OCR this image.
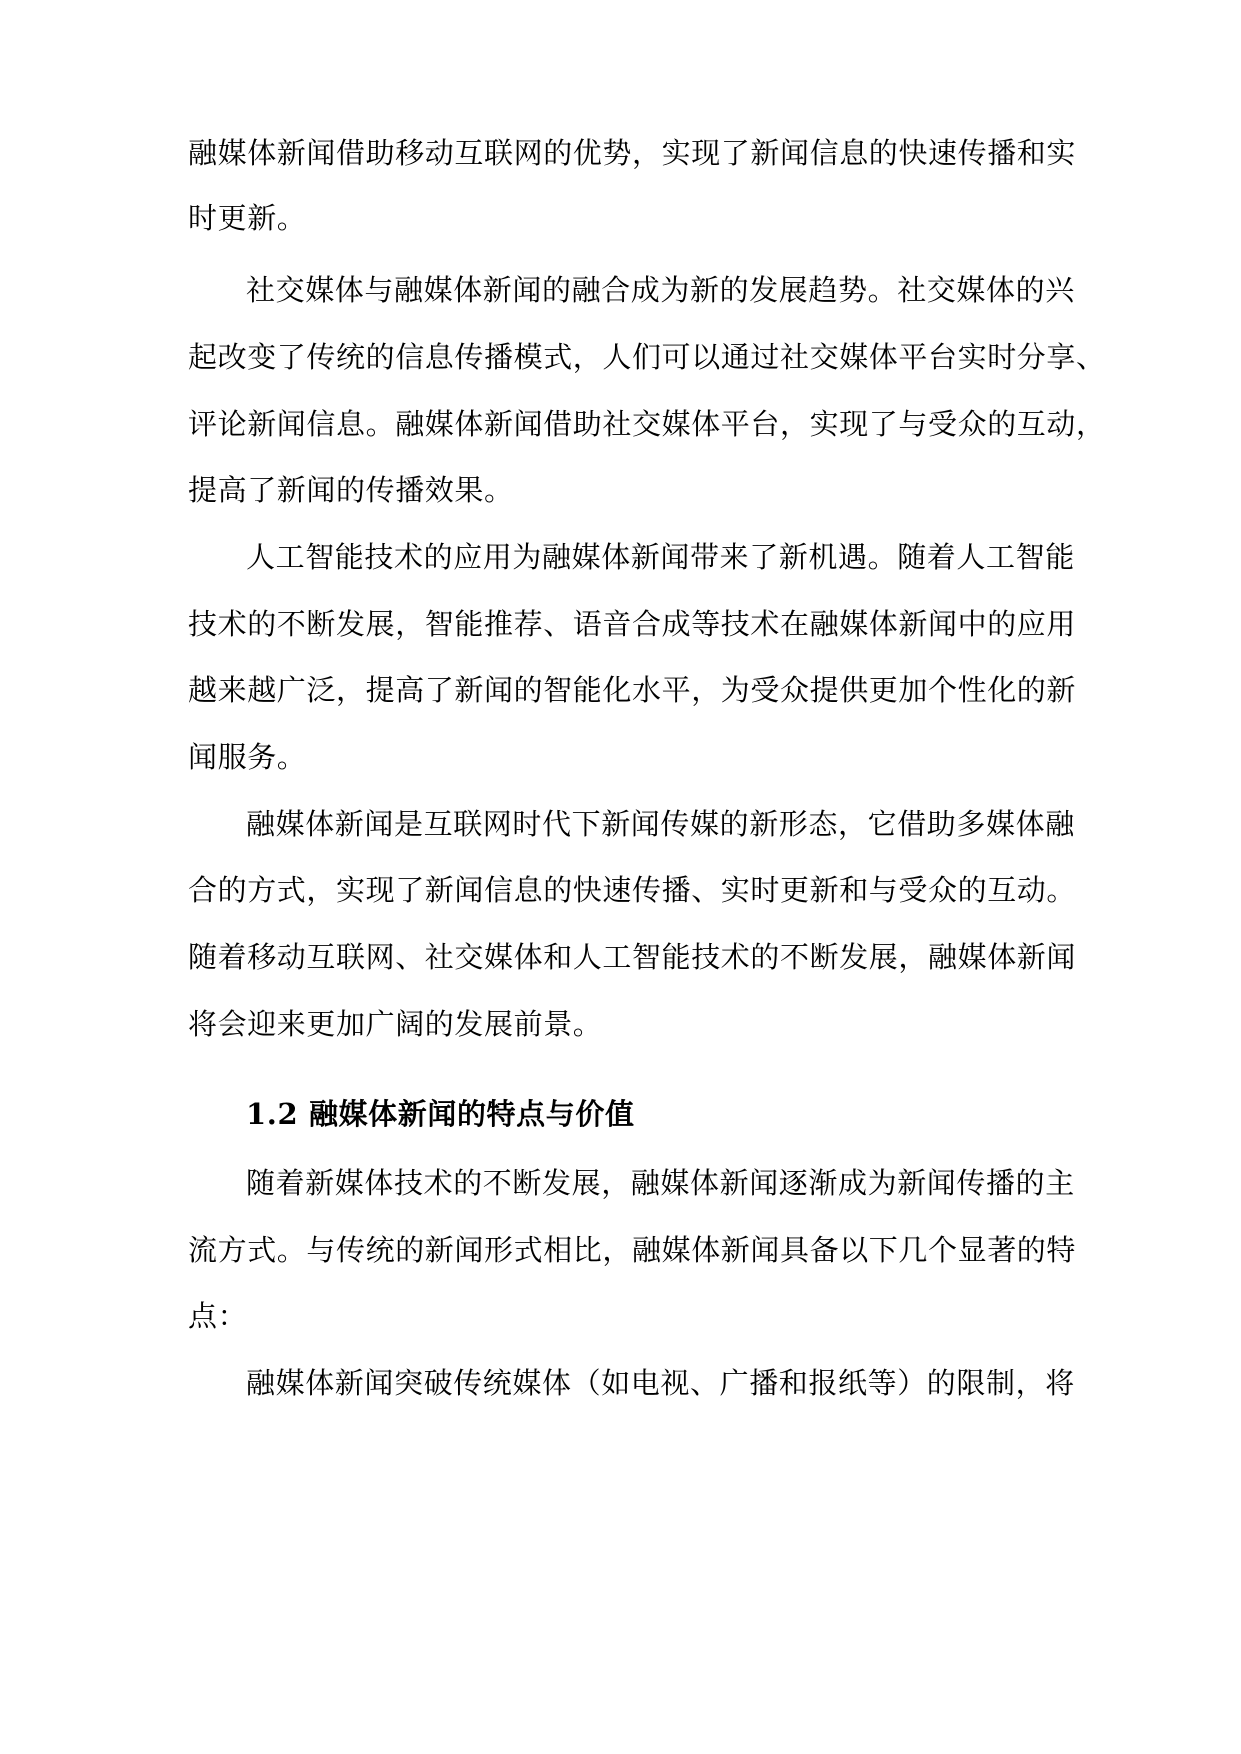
融媒体新闻借助移动互联网的优势，实现了新闻信息的快速传播和实
时更新。
社交媒体与融媒体新闻的融合成为新的发展趋势。社交媒体的兴
起改变了传统的信息传播模式，人们可以通过社交媒体平台实时分享、
评论新闻信息。融媒体新闻借助社交媒体平台，实现了与受众的互动，
提高了新闻的传播效果。
人工智能技术的应用为融媒体新闻带来了新机遇。随着人工智能
技术的不断发展，智能推荐、语音合成等技术在融媒体新闻中的应用
越来越广泛，提高了新闻的智能化水平，为受众提供更加个性化的新
闻服务。
融媒体新闻是互联网时代下新闻传媒的新形态，它借助多媒体融
合的方式，实现了新闻信息的快速传播、实时更新和与受众的互动。
随着移动互联网、社交媒体和人工智能技术的不断发展，融媒体新闻
将会迎来更加广阔的发展前景。
1.2 融媒体新闻的特点与价值
随着新媒体技术的不断发展，融媒体新闻逐渐成为新闻传播的主
流方式。与传统的新闻形式相比，融媒体新闻具备以下几个显著的特
点：
融媒体新闻突破传统媒体（如电视、广播和报纸等）的限制，将
